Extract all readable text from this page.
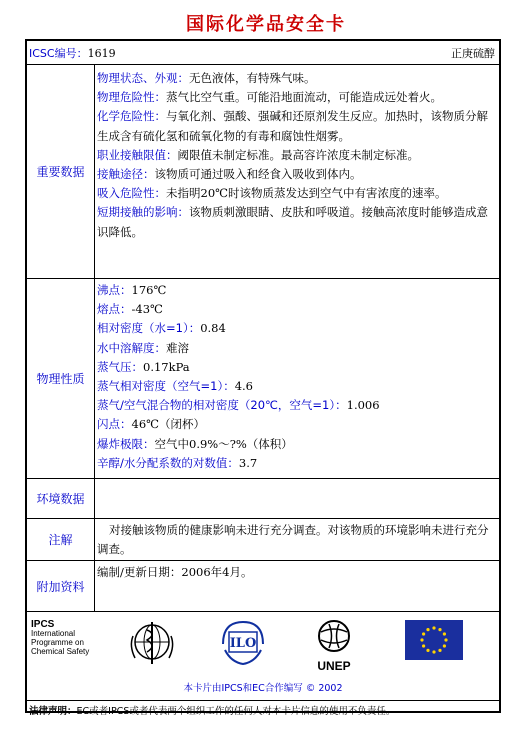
国际化学品安全卡
ICSC编号：1619	正庚硫醇
重要数据
物理状态、外观：无色液体，有特殊气味。
物理危险性：蒸气比空气重。可能沿地面流动，可能造成远处着火。
化学危险性：与氧化剂、强酸、强碱和还原剂发生反应。加热时，该物质分解生成含有硫化氢和硫氧化物的有毒和腐蚀性烟雾。
职业接触限值：阈限值未制定标准。最高容许浓度未制定标准。
接触途径：该物质可通过吸入和经食入吸收到体内。
吸入危险性：未指明20℃时该物质蒸发达到空气中有害浓度的速率。
短期接触的影响：该物质刺激眼睛、皮肤和呼吸道。接触高浓度时能够造成意识降低。
物理性质
沸点：176℃
熔点：-43℃
相对密度（水=1）：0.84
水中溶解度：难溶
蒸气压：0.17kPa
蒸气相对密度（空气=1）：4.6
蒸气/空气混合物的相对密度（20℃，空气=1）：1.006
闪点：46℃（闭杯）
爆炸极限：空气中0.9%～?%（体积）
辛醇/水分配系数的对数值：3.7
环境数据
注解
对接触该物质的健康影响未进行充分调查。对该物质的环境影响未进行充分调查。
附加资料
编制/更新日期：2006年4月。
IPCS
International
Programme on
Chemical Safety
ILO
UNEP
本卡片由IPCS和EC合作编写 © 2002
法律声明：EC或者IPCS或者代表两个组织工作的任何人对本卡片信息的使用不负责任。
